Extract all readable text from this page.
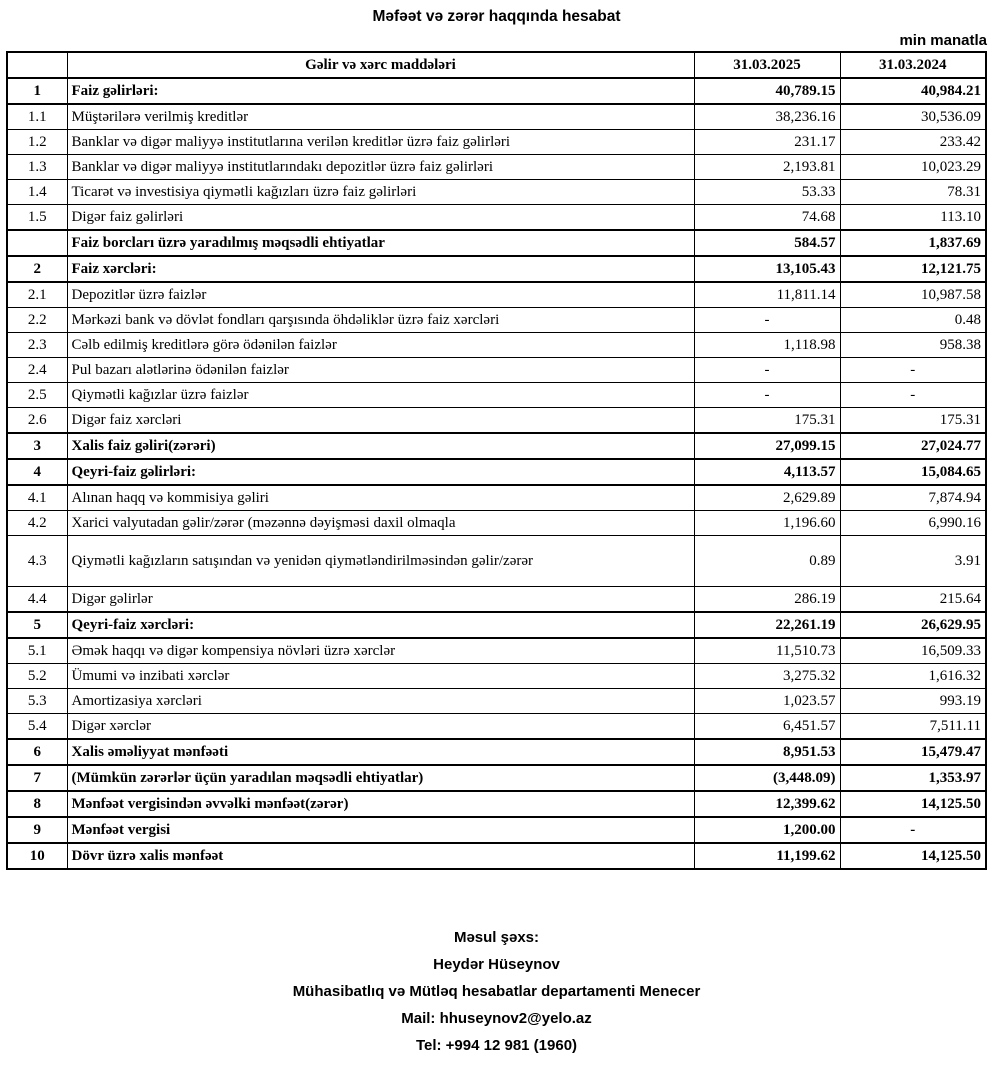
Məfəət və zərər haqqında hesabat
min manatla
	Gəlir və xərc maddələri	31.03.2025	31.03.2024
1	Faiz gəlirləri:	40,789.15	40,984.21
1.1	Müştərilərə verilmiş kreditlər	38,236.16	30,536.09
1.2	Banklar və digər maliyyə institutlarına verilən kreditlər üzrə faiz gəlirləri	231.17	233.42
1.3	Banklar və digər maliyyə institutlarındakı depozitlər üzrə faiz gəlirləri	2,193.81	10,023.29
1.4	Ticarət və investisiya qiymətli kağızları üzrə faiz gəlirləri	53.33	78.31
1.5	Digər faiz gəlirləri	74.68	113.10
	Faiz borcları üzrə yaradılmış məqsədli ehtiyatlar	584.57	1,837.69
2	Faiz xərcləri:	13,105.43	12,121.75
2.1	Depozitlər üzrə faizlər	11,811.14	10,987.58
2.2	Mərkəzi bank və dövlət fondları qarşısında öhdəliklər üzrə faiz xərcləri	-	0.48
2.3	Cəlb edilmiş kreditlərə görə ödənilən faizlər	1,118.98	958.38
2.4	Pul bazarı alətlərinə ödənilən faizlər	-	-
2.5	Qiymətli kağızlar üzrə faizlər	-	-
2.6	Digər faiz xərcləri	175.31	175.31
3	Xalis faiz gəliri(zərəri)	27,099.15	27,024.77
4	Qeyri-faiz gəlirləri:	4,113.57	15,084.65
4.1	Alınan haqq və kommisiya gəliri	2,629.89	7,874.94
4.2	Xarici valyutadan gəlir/zərər (məzənnə dəyişməsi daxil olmaqla	1,196.60	6,990.16
4.3	Qiymətli kağızların satışından və yenidən qiymətləndirilməsindən gəlir/zərər	0.89	3.91
4.4	Digər gəlirlər	286.19	215.64
5	Qeyri-faiz xərcləri:	22,261.19	26,629.95
5.1	Əmək haqqı və digər kompensiya növləri üzrə xərclər	11,510.73	16,509.33
5.2	Ümumi və inzibati xərclər	3,275.32	1,616.32
5.3	Amortizasiya xərcləri	1,023.57	993.19
5.4	Digər xərclər	6,451.57	7,511.11
6	Xalis əməliyyat mənfəəti	8,951.53	15,479.47
7	(Mümkün zərərlər üçün yaradılan məqsədli ehtiyatlar)	(3,448.09)	1,353.97
8	Mənfəət vergisindən əvvəlki mənfəət(zərər)	12,399.62	14,125.50
9	Mənfəət vergisi	1,200.00	-
10	Dövr üzrə xalis mənfəət	11,199.62	14,125.50
Məsul şəxs:
Heydər Hüseynov
Mühasibatlıq və Mütləq hesabatlar departamenti Menecer
Mail: hhuseynov2@yelo.az
Tel: +994 12 981 (1960)
